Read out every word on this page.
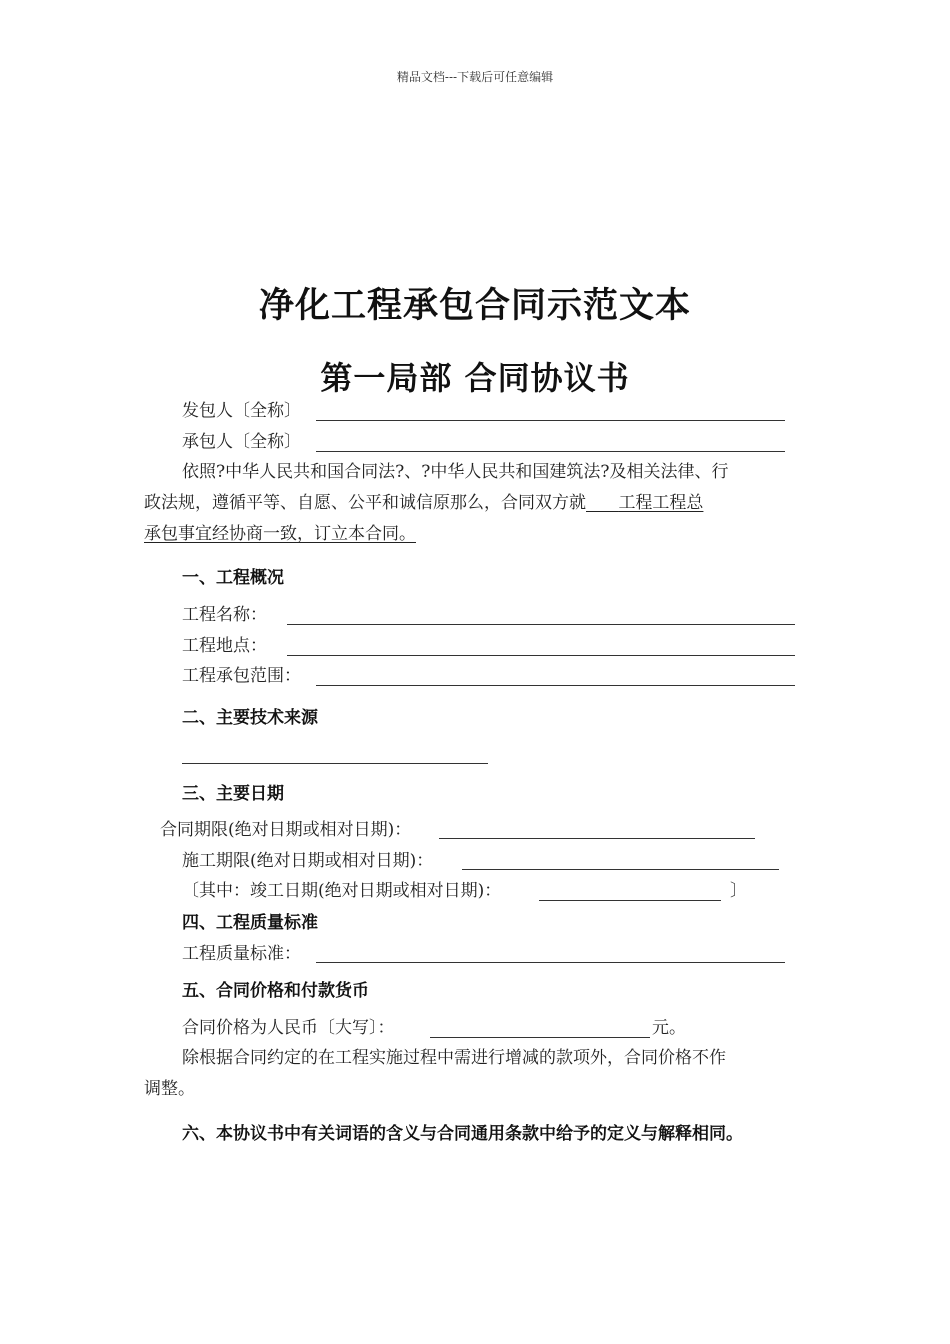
精品文档---下载后可任意编辑
净化工程承包合同示范文本
第一局部 合同协议书
发包人〔全称〕
承包人〔全称〕
依照?中华人民共和国合同法?、?中华人民共和国建筑法?及相关法律、行
政法规，遵循平等、自愿、公平和诚信原那么，合同双方就 工程工程总
承包事宜经协商一致，订立本合同。
一、工程概况
工程名称：
工程地点：
工程承包范围：
二、主要技术来源
三、主要日期
合同期限(绝对日期或相对日期)：
施工期限(绝对日期或相对日期)：
〔其中：竣工日期(绝对日期或相对日期)：	〕
四、工程质量标准
工程质量标准：
五、合同价格和付款货币
合同价格为人民币〔大写〕：	元。
除根据合同约定的在工程实施过程中需进行增减的款项外，合同价格不作
调整。
六、本协议书中有关词语的含义与合同通用条款中给予的定义与解释相同。
